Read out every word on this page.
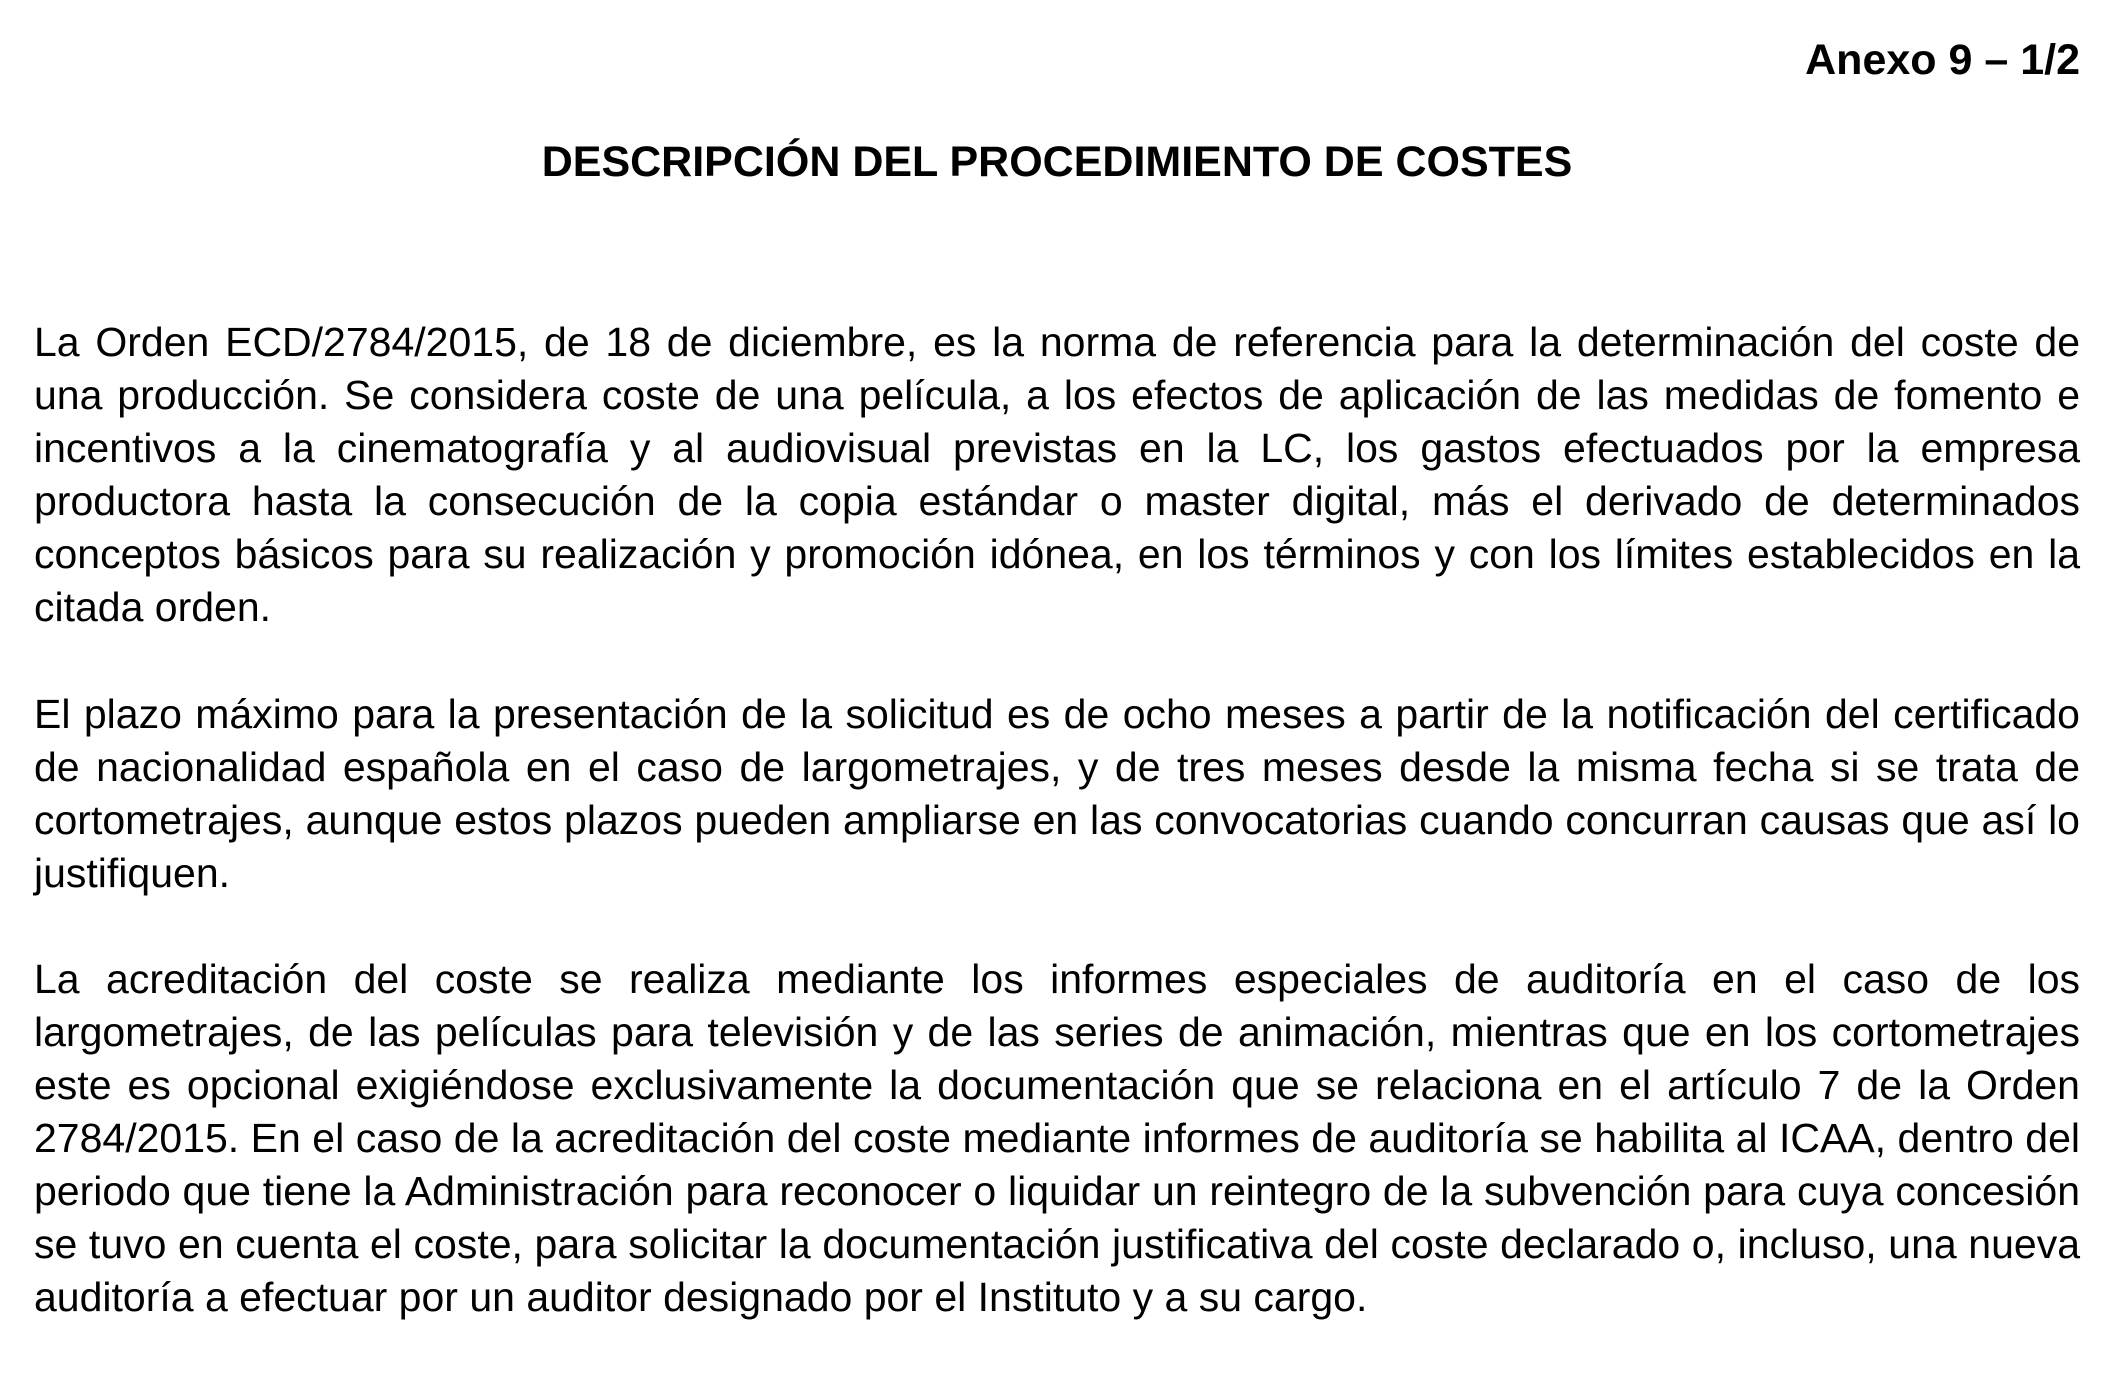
Anexo 9 – 1/2
DESCRIPCIÓN DEL PROCEDIMIENTO DE COSTES

La Orden ECD/2784/2015, de 18 de diciembre, es la norma de referencia para la determinación del coste de una producción. Se considera coste de una película, a los efectos de aplicación de las medidas de fomento e incentivos a la cinematografía y al audiovisual previstas en la LC, los gastos efectuados por la empresa productora hasta la consecución de la copia estándar o master digital, más el derivado de determinados conceptos básicos para su realización y promoción idónea, en los términos y con los límites establecidos en la citada orden.

El plazo máximo para la presentación de la solicitud es de ocho meses a partir de la notificación del certificado de nacionalidad española en el caso de largometrajes, y de tres meses desde la misma fecha si se trata de cortometrajes, aunque estos plazos pueden ampliarse en las convocatorias cuando concurran causas que así lo justifiquen.

La acreditación del coste se realiza mediante los informes especiales de auditoría en el caso de los largometrajes, de las películas para televisión y de las series de animación, mientras que en los cortometrajes este es opcional exigiéndose exclusivamente la documentación que se relaciona en el artículo 7 de la Orden 2784/2015. En el caso de la acreditación del coste mediante informes de auditoría se habilita al ICAA, dentro del periodo que tiene la Administración para reconocer o liquidar un reintegro de la subvención para cuya concesión se tuvo en cuenta el coste, para solicitar la documentación justificativa del coste declarado o, incluso, una nueva auditoría a efectuar por un auditor designado por el Instituto y a su cargo.
